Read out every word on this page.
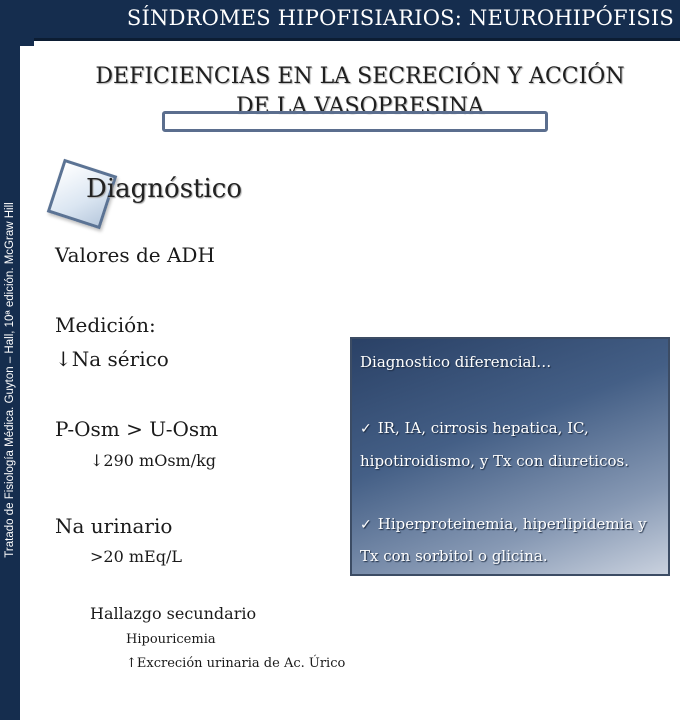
SÍNDROMES HIPOFISIARIOS: NEUROHIPÓFISIS
Tratado de Fisiología Médica. Guyton – Hall, 10ª edición. McGraw Hill
DEFICIENCIAS EN LA SECRECIÓN Y ACCIÓN
DE LA VASOPRESINA
Diagnóstico
Valores de ADH
Medición:
↓Na sérico
P-Osm > U-Osm
↓290 mOsm/kg
Na urinario
>20 mEq/L
Hallazgo secundario
Hipouricemia
↑Excreción urinaria de Ac. Úrico
Diagnostico diferencial…
✓ IR, IA, cirrosis hepatica, IC,
hipotiroidismo, y Tx con diureticos.
✓ Hiperproteinemia, hiperlipidemia y
Tx con sorbitol o glicina.
